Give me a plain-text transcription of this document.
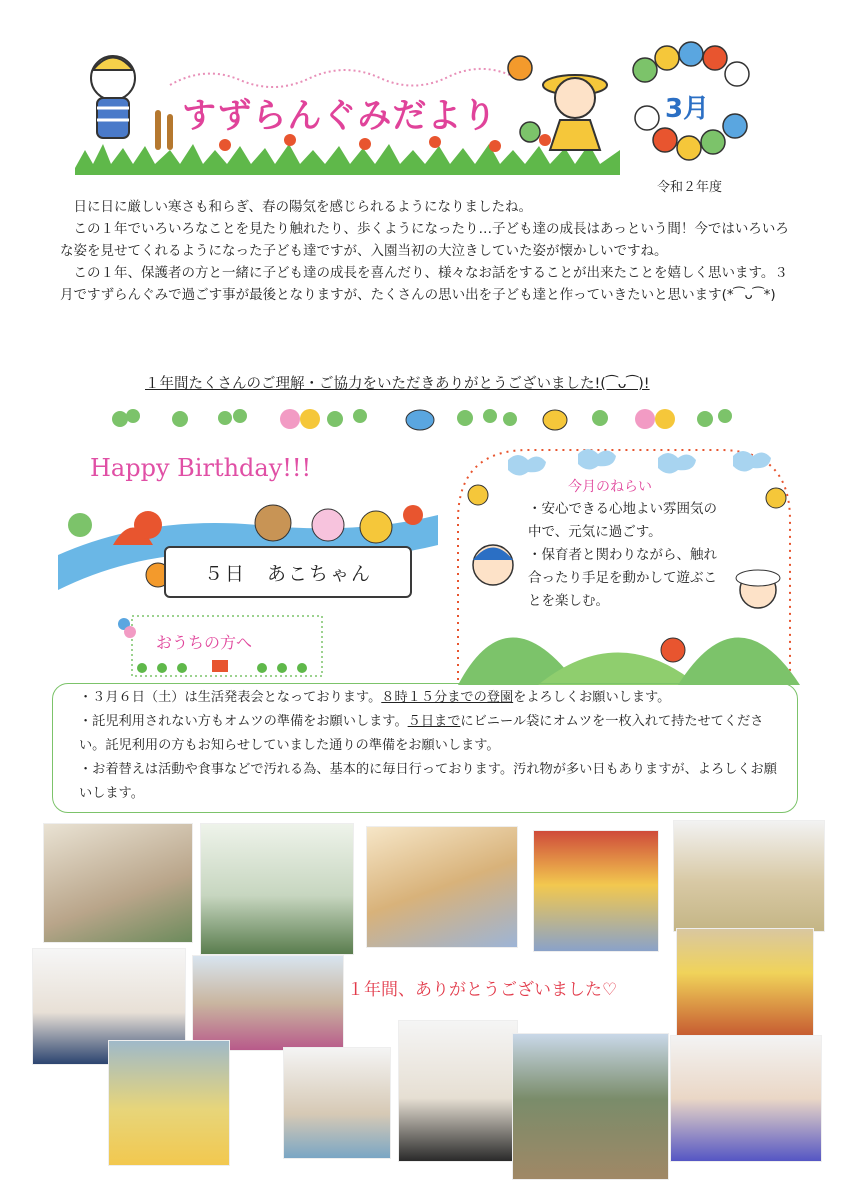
すずらんぐみだより	3月
令和２年度

日に日に厳しい寒さも和らぎ、春の陽気を感じられるようになりましたね。

この１年でいろいろなことを見たり触れたり、歩くようになったり…子ども達の成長はあっという間！今ではいろいろな姿を見せてくれるようになった子ども達ですが、入園当初の大泣きしていた姿が懐かしいですね。

この１年、保護者の方と一緒に子ども達の成長を喜んだり、様々なお話をすることが出来たことを嬉しく思います。３月ですずらんぐみで過ごす事が最後となりますが、たくさんの思い出を子ども達と作っていきたいと思います(*⁀ᴗ⁀*)

１年間たくさんのご理解・ご協力をいただきありがとうございました!(⁀ᴗ⁀)!
Happy Birthday!!!
５日　あこちゃん
今月のねらい
・安心できる心地よい雰囲気の中で、元気に過ごす。
・保育者と関わりながら、触れ合ったり手足を動かして遊ぶことを楽しむ。
おうちの方へ
・３月６日（土）は生活発表会となっております。８時１５分までの登園をよろしくお願いします。
・託児利用されない方もオムツの準備をお願いします。５日までにビニール袋にオムツを一枚入れて持たせてください。託児利用の方もお知らせしていました通りの準備をお願いします。
・お着替えは活動や食事などで汚れる為、基本的に毎日行っております。汚れ物が多い日もありますが、よろしくお願いします。
１年間、ありがとうございました♡
